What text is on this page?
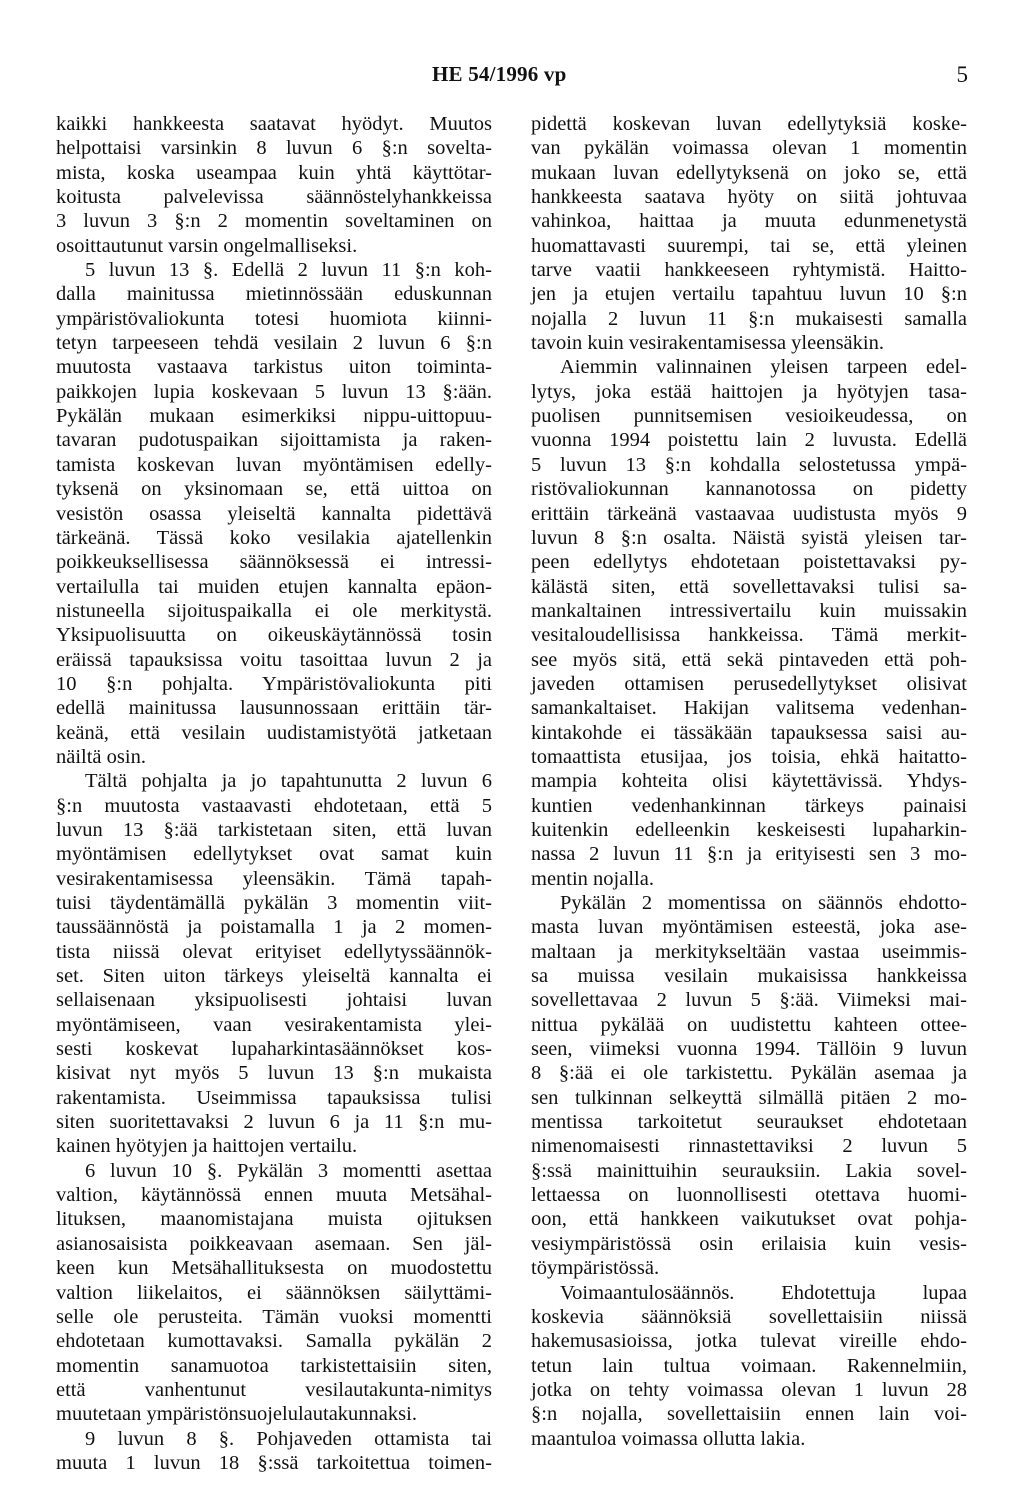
HE 54/1996 vp	5
kaikki hankkeesta saatavat hyödyt. Muutos
helpottaisi varsinkin 8 luvun 6 §:n sovelta-
mista, koska useampaa kuin yhtä käyttötar-
koitusta palvelevissa säännöstelyhankkeissa
3 luvun 3 §:n 2 momentin soveltaminen on
osoittautunut varsin ongelmalliseksi.
5 luvun 13 §. Edellä 2 luvun 11 §:n koh-
dalla mainitussa mietinnössään eduskunnan
ympäristövaliokunta totesi huomiota kiinni-
tetyn tarpeeseen tehdä vesilain 2 luvun 6 §:n
muutosta vastaava tarkistus uiton toiminta-
paikkojen lupia koskevaan 5 luvun 13 §:ään.
Pykälän mukaan esimerkiksi nippu-uittopuu-
tavaran pudotuspaikan sijoittamista ja raken-
tamista koskevan luvan myöntämisen edelly-
tyksenä on yksinomaan se, että uittoa on
vesistön osassa yleiseltä kannalta pidettävä
tärkeänä. Tässä koko vesilakia ajatellenkin
poikkeuksellisessa säännöksessä ei intressi-
vertailulla tai muiden etujen kannalta epäon-
nistuneella sijoituspaikalla ei ole merkitystä.
Yksipuolisuutta on oikeuskäytännössä tosin
eräissä tapauksissa voitu tasoittaa luvun 2 ja
10 §:n pohjalta. Ympäristövaliokunta piti
edellä mainitussa lausunnossaan erittäin tär-
keänä, että vesilain uudistamistyötä jatketaan
näiltä osin.
Tältä pohjalta ja jo tapahtunutta 2 luvun 6
§:n muutosta vastaavasti ehdotetaan, että 5
luvun 13 §:ää tarkistetaan siten, että luvan
myöntämisen edellytykset ovat samat kuin
vesirakentamisessa yleensäkin. Tämä tapah-
tuisi täydentämällä pykälän 3 momentin viit-
taussäännöstä ja poistamalla 1 ja 2 momen-
tista niissä olevat erityiset edellytyssäännök-
set. Siten uiton tärkeys yleiseltä kannalta ei
sellaisenaan yksipuolisesti johtaisi luvan
myöntämiseen, vaan vesirakentamista ylei-
sesti koskevat lupaharkintasäännökset kos-
kisivat nyt myös 5 luvun 13 §:n mukaista
rakentamista. Useimmissa tapauksissa tulisi
siten suoritettavaksi 2 luvun 6 ja 11 §:n mu-
kainen hyötyjen ja haittojen vertailu.
6 luvun 10 §. Pykälän 3 momentti asettaa
valtion, käytännössä ennen muuta Metsähal-
lituksen, maanomistajana muista ojituksen
asianosaisista poikkeavaan asemaan. Sen jäl-
keen kun Metsähallituksesta on muodostettu
valtion liikelaitos, ei säännöksen säilyttämi-
selle ole perusteita. Tämän vuoksi momentti
ehdotetaan kumottavaksi. Samalla pykälän 2
momentin sanamuotoa tarkistettaisiin siten,
että vanhentunut vesilautakunta-nimitys
muutetaan ympäristönsuojelulautakunnaksi.
9 luvun 8 §. Pohjaveden ottamista tai
muuta 1 luvun 18 §:ssä tarkoitettua toimen-
pidettä koskevan luvan edellytyksiä koske-
van pykälän voimassa olevan 1 momentin
mukaan luvan edellytyksenä on joko se, että
hankkeesta saatava hyöty on siitä johtuvaa
vahinkoa, haittaa ja muuta edunmenetystä
huomattavasti suurempi, tai se, että yleinen
tarve vaatii hankkeeseen ryhtymistä. Haitto-
jen ja etujen vertailu tapahtuu luvun 10 §:n
nojalla 2 luvun 11 §:n mukaisesti samalla
tavoin kuin vesirakentamisessa yleensäkin.
Aiemmin valinnainen yleisen tarpeen edel-
lytys, joka estää haittojen ja hyötyjen tasa-
puolisen punnitsemisen vesioikeudessa, on
vuonna 1994 poistettu lain 2 luvusta. Edellä
5 luvun 13 §:n kohdalla selostetussa ympä-
ristövaliokunnan kannanotossa on pidetty
erittäin tärkeänä vastaavaa uudistusta myös 9
luvun 8 §:n osalta. Näistä syistä yleisen tar-
peen edellytys ehdotetaan poistettavaksi py-
kälästä siten, että sovellettavaksi tulisi sa-
mankaltainen intressivertailu kuin muissakin
vesitaloudellisissa hankkeissa. Tämä merkit-
see myös sitä, että sekä pintaveden että poh-
javeden ottamisen perusedellytykset olisivat
samankaltaiset. Hakijan valitsema vedenhan-
kintakohde ei tässäkään tapauksessa saisi au-
tomaattista etusijaa, jos toisia, ehkä haitatto-
mampia kohteita olisi käytettävissä. Yhdys-
kuntien vedenhankinnan tärkeys painaisi
kuitenkin edelleenkin keskeisesti lupaharkin-
nassa 2 luvun 11 §:n ja erityisesti sen 3 mo-
mentin nojalla.
Pykälän 2 momentissa on säännös ehdotto-
masta luvan myöntämisen esteestä, joka ase-
maltaan ja merkitykseltään vastaa useimmis-
sa muissa vesilain mukaisissa hankkeissa
sovellettavaa 2 luvun 5 §:ää. Viimeksi mai-
nittua pykälää on uudistettu kahteen ottee-
seen, viimeksi vuonna 1994. Tällöin 9 luvun
8 §:ää ei ole tarkistettu. Pykälän asemaa ja
sen tulkinnan selkeyttä silmällä pitäen 2 mo-
mentissa tarkoitetut seuraukset ehdotetaan
nimenomaisesti rinnastettaviksi 2 luvun 5
§:ssä mainittuihin seurauksiin. Lakia sovel-
lettaessa on luonnollisesti otettava huomi-
oon, että hankkeen vaikutukset ovat pohja-
vesiympäristössä osin erilaisia kuin vesis-
töympäristössä.
Voimaantulosäännös. Ehdotettuja lupaa
koskevia säännöksiä sovellettaisiin niissä
hakemusasioissa, jotka tulevat vireille ehdo-
tetun lain tultua voimaan. Rakennelmiin,
jotka on tehty voimassa olevan 1 luvun 28
§:n nojalla, sovellettaisiin ennen lain voi-
maantuloa voimassa ollutta lakia.
